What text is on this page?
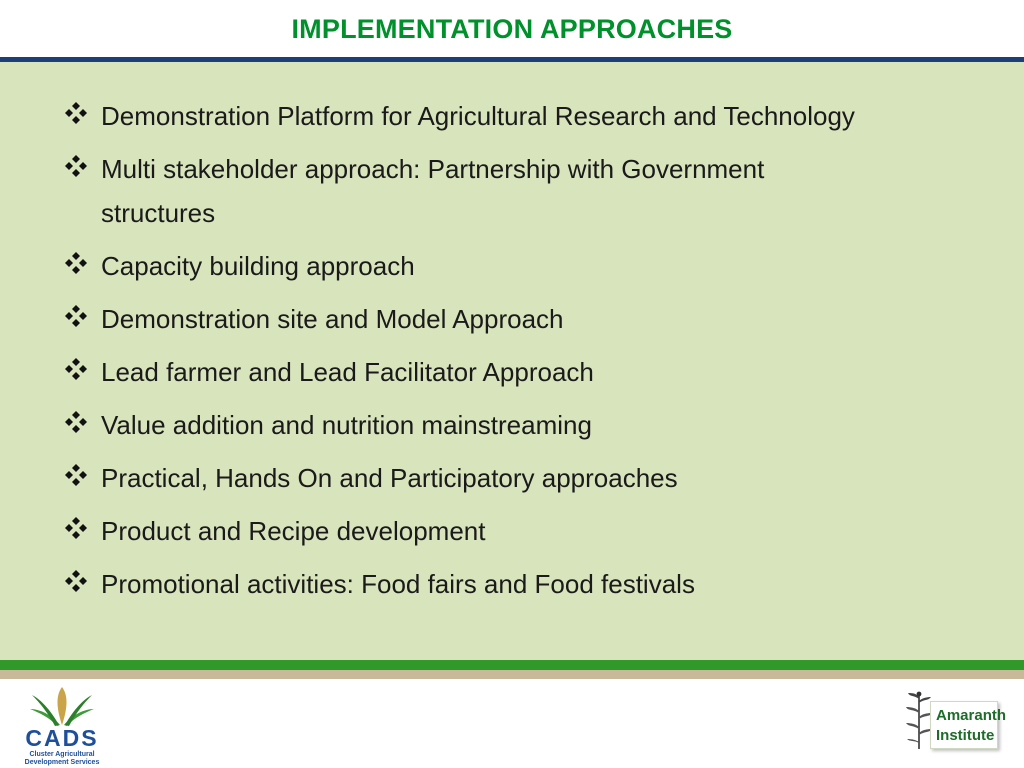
IMPLEMENTATION APPROACHES
Demonstration Platform for Agricultural Research and Technology
Multi stakeholder approach: Partnership with Government structures
Capacity building approach
Demonstration site and Model Approach
Lead farmer and Lead Facilitator Approach
Value addition and nutrition mainstreaming
Practical, Hands On and Participatory approaches
Product and Recipe development
Promotional activities: Food fairs and Food festivals
CADS
Cluster Agricultural
Development Services
Amaranth
Institute
